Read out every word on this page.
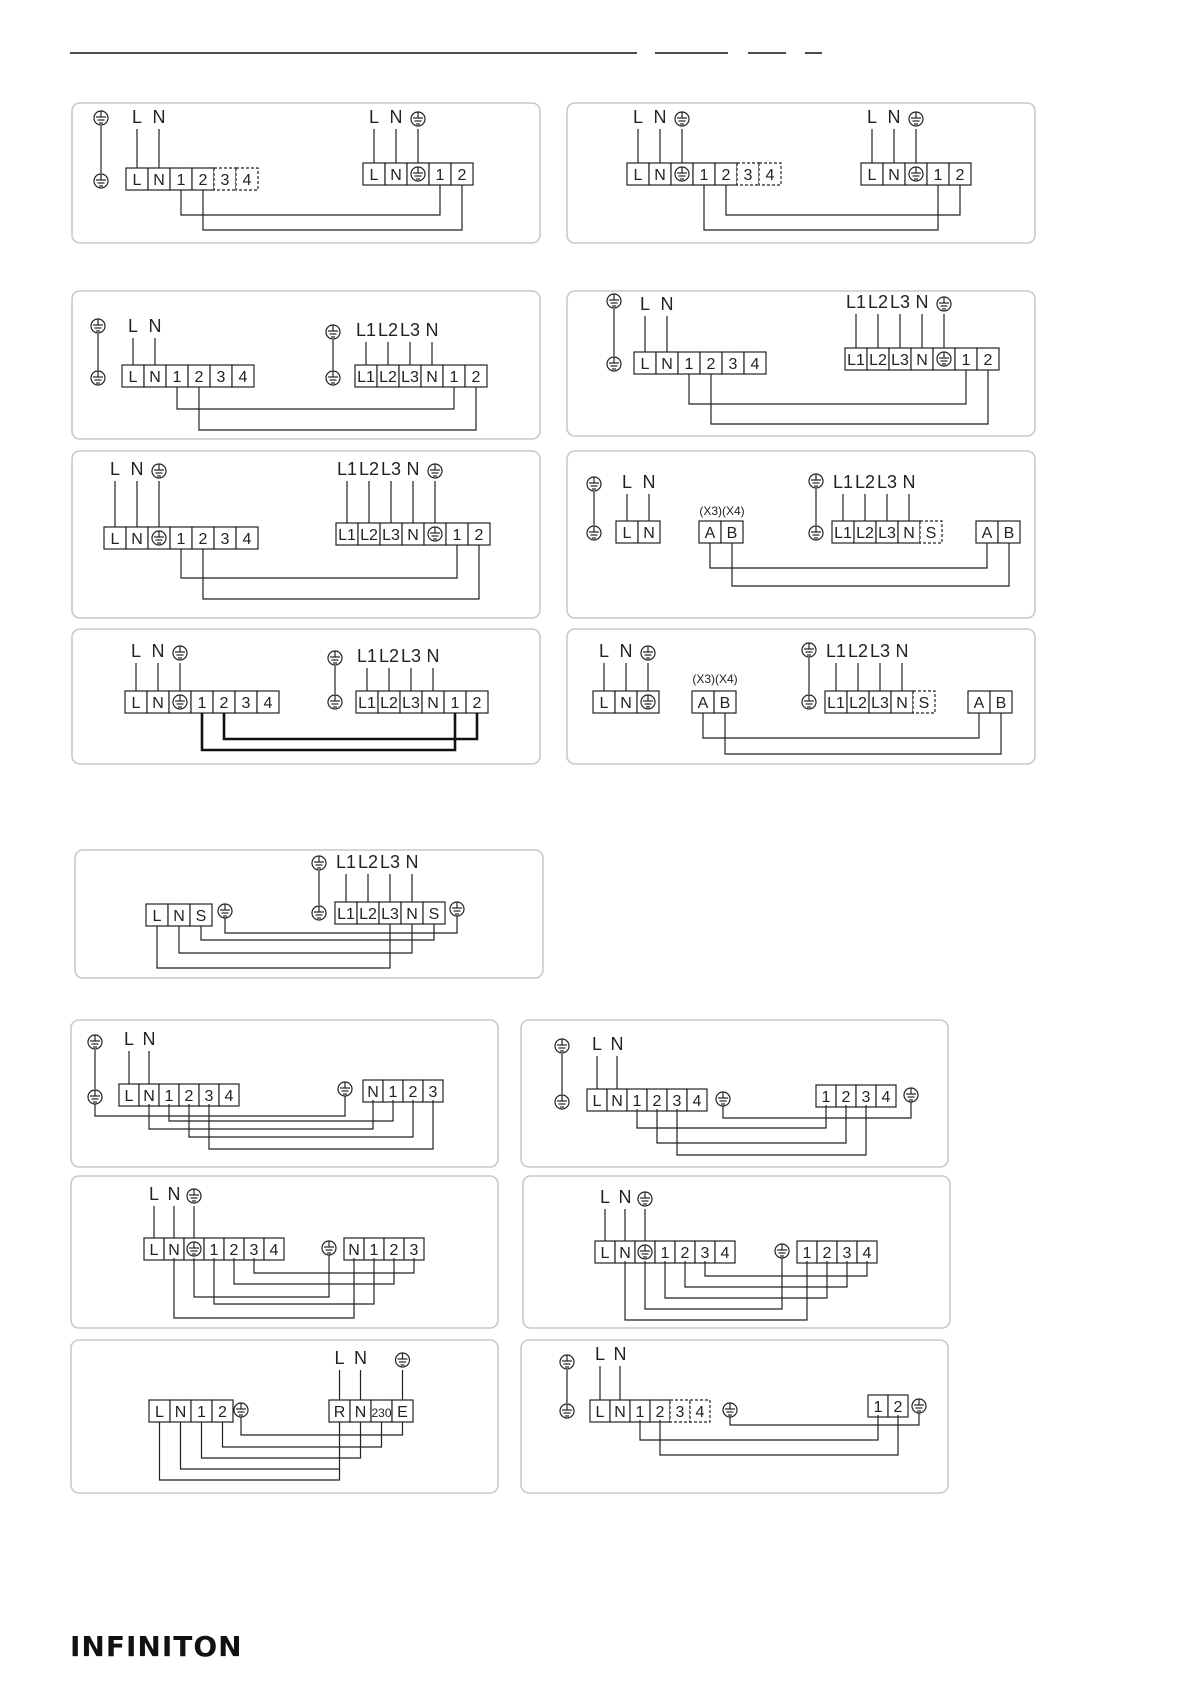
L N 1 2 3 4
L N
L N 1 2
L N
L N 1 2 3 4
L N
L N 1 2
L N
L N 1 2 3 4
L N
L1 L2 L3 N 1 2
L1 L2 L3 N
L N 1 2 3 4
L N
L1 L2 L3 N 1 2
L1 L2 L3 N
L N 1 2 3 4
L N
L1 L2 L3 N 1 2
L1 L2 L3 N
L N
L N
(X3)(X4)
A B	L1 L2 L3 N S
L1 L2 L3 N
A B
L N 1 2 3 4
L N
L1 L2 L3 N 1 2
L1 L2 L3 N
L N
L N
(X3)(X4)
A B	L1 L2 L3 N S
L1 L2 L3 N
A B
L N S	L1 L2 L3 N S
L1 L2 L3 N
L N 1 2 3 4
L N
N 1 2 3
L N 1 2 3 4
L N
1 2 3 4
L N 1 2 3 4
L N
N 1 2 3	L N 1 2 3 4
L N
1 2 3 4
L N 1 2	R N 230 E
L N
L N 1 2 3 4
L N
1 2
INFINITON
